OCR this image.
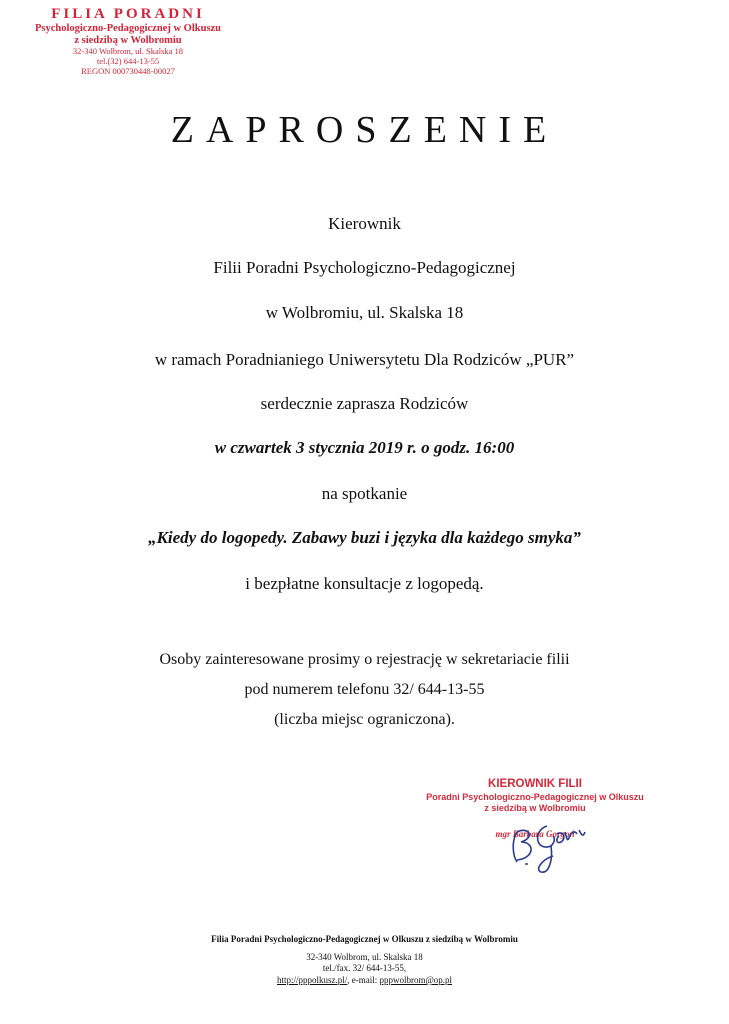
FILIA PORADNI
Psychologiczno-Pedagogicznej w Olkuszu
z siedzibą w Wolbromiu
32-340 Wolbrom, ul. Skalska 18
tel.(32) 644-13-55
REGON 000730448-00027
ZAPROSZENIE
Kierownik
Filii Poradni Psychologiczno-Pedagogicznej
w Wolbromiu, ul. Skalska 18
w ramach Poradnianiego Uniwersytetu Dla Rodziców „PUR”
serdecznie zaprasza Rodziców
w czwartek 3 stycznia 2019 r. o godz. 16:00
na spotkanie
„Kiedy do logopedy. Zabawy buzi i języka dla każdego smyka”
i bezpłatne konsultacje z logopedą.
Osoby zainteresowane prosimy o rejestrację w sekretariacie filii
pod numerem telefonu 32/ 644-13-55
(liczba miejsc ograniczona).
KIEROWNIK FILII
Poradni Psychologiczno-Pedagogicznej w Olkuszu
z siedzibą w Wolbromiu
mgr Barbara Gorgoń
Filia Poradni Psychologiczno-Pedagogicznej w Olkuszu z siedzibą w Wolbromiu
32-340 Wolbrom, ul. Skalska 18
tel./fax. 32/ 644-13-55,
http://pppolkusz.pl/, e-mail: pppwolbrom@op.pl
